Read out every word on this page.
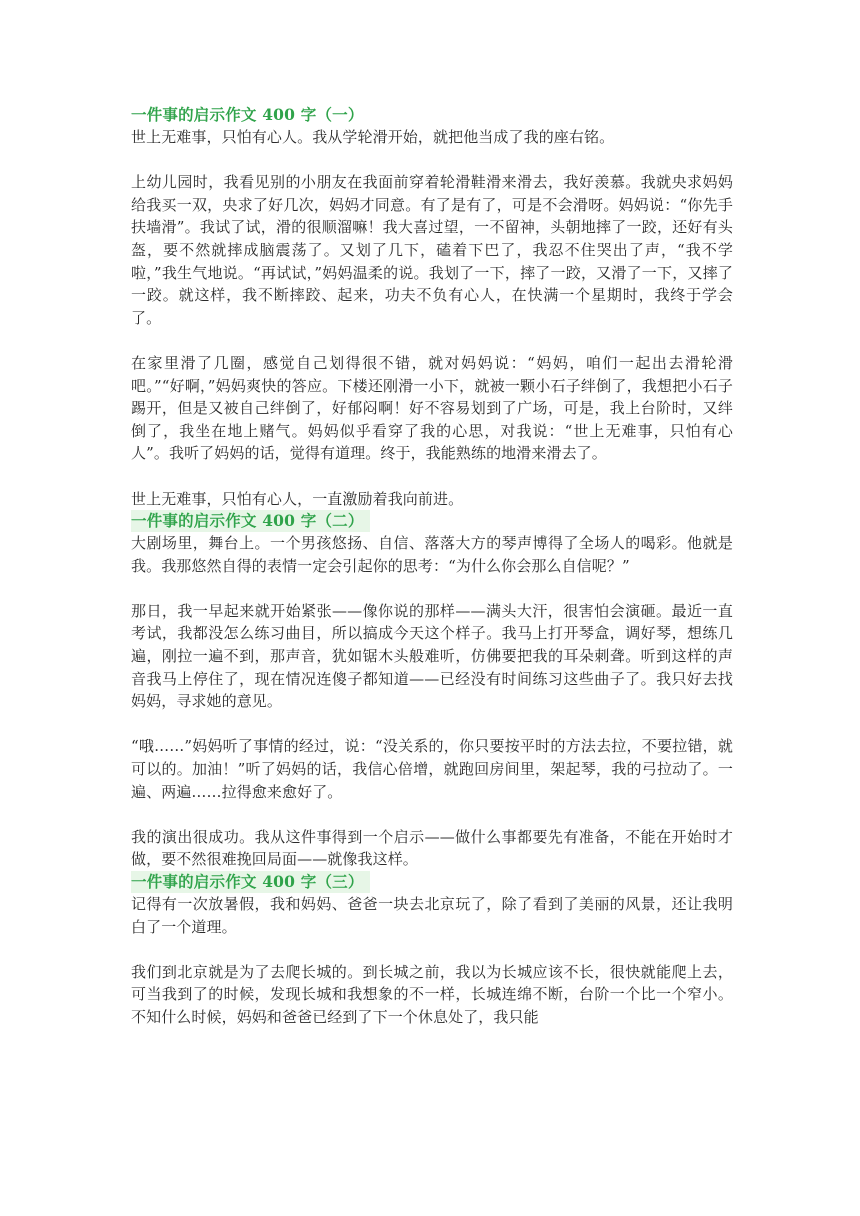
一件事的启示作文 400 字（一）

世上无难事，只怕有心人。我从学轮滑开始，就把他当成了我的座右铭。

上幼儿园时，我看见别的小朋友在我面前穿着轮滑鞋滑来滑去，我好羡慕。我就央求妈妈给我买一双，央求了好几次，妈妈才同意。有了是有了，可是不会滑呀。妈妈说：“你先手扶墙滑”。我试了试，滑的很顺溜嘛！我大喜过望，一不留神，头朝地摔了一跤，还好有头盔，要不然就摔成脑震荡了。又划了几下，磕着下巴了，我忍不住哭出了声，“我不学啦，”我生气地说。“再试试，”妈妈温柔的说。我划了一下，摔了一跤，又滑了一下，又摔了一跤。就这样，我不断摔跤、起来，功夫不负有心人，在快满一个星期时，我终于学会了。

在家里滑了几圈，感觉自己划得很不错，就对妈妈说：“妈妈，咱们一起出去滑轮滑吧。”“好啊，”妈妈爽快的答应。下楼还刚滑一小下，就被一颗小石子绊倒了，我想把小石子踢开，但是又被自己绊倒了，好郁闷啊！好不容易划到了广场，可是，我上台阶时，又绊倒了，我坐在地上赌气。妈妈似乎看穿了我的心思，对我说：“世上无难事，只怕有心人”。我听了妈妈的话，觉得有道理。终于，我能熟练的地滑来滑去了。

世上无难事，只怕有心人，一直激励着我向前进。

一件事的启示作文 400 字（二）

大剧场里，舞台上。一个男孩悠扬、自信、落落大方的琴声博得了全场人的喝彩。他就是我。我那悠然自得的表情一定会引起你的思考：“为什么你会那么自信呢？”

那日，我一早起来就开始紧张——像你说的那样——满头大汗，很害怕会演砸。最近一直考试，我都没怎么练习曲目，所以搞成今天这个样子。我马上打开琴盒，调好琴，想练几遍，刚拉一遍不到，那声音，犹如锯木头般难听，仿佛要把我的耳朵刺聋。听到这样的声音我马上停住了，现在情况连傻子都知道——已经没有时间练习这些曲子了。我只好去找妈妈，寻求她的意见。

“哦……”妈妈听了事情的经过，说：“没关系的，你只要按平时的方法去拉，不要拉错，就可以的。加油！”听了妈妈的话，我信心倍增，就跑回房间里，架起琴，我的弓拉动了。一遍、两遍……拉得愈来愈好了。

我的演出很成功。我从这件事得到一个启示——做什么事都要先有准备，不能在开始时才做，要不然很难挽回局面——就像我这样。

一件事的启示作文 400 字（三）

记得有一次放暑假，我和妈妈、爸爸一块去北京玩了，除了看到了美丽的风景，还让我明白了一个道理。

我们到北京就是为了去爬长城的。到长城之前，我以为长城应该不长，很快就能爬上去，可当我到了的时候，发现长城和我想象的不一样，长城连绵不断，台阶一个比一个窄小。不知什么时候，妈妈和爸爸已经到了下一个休息处了，我只能
